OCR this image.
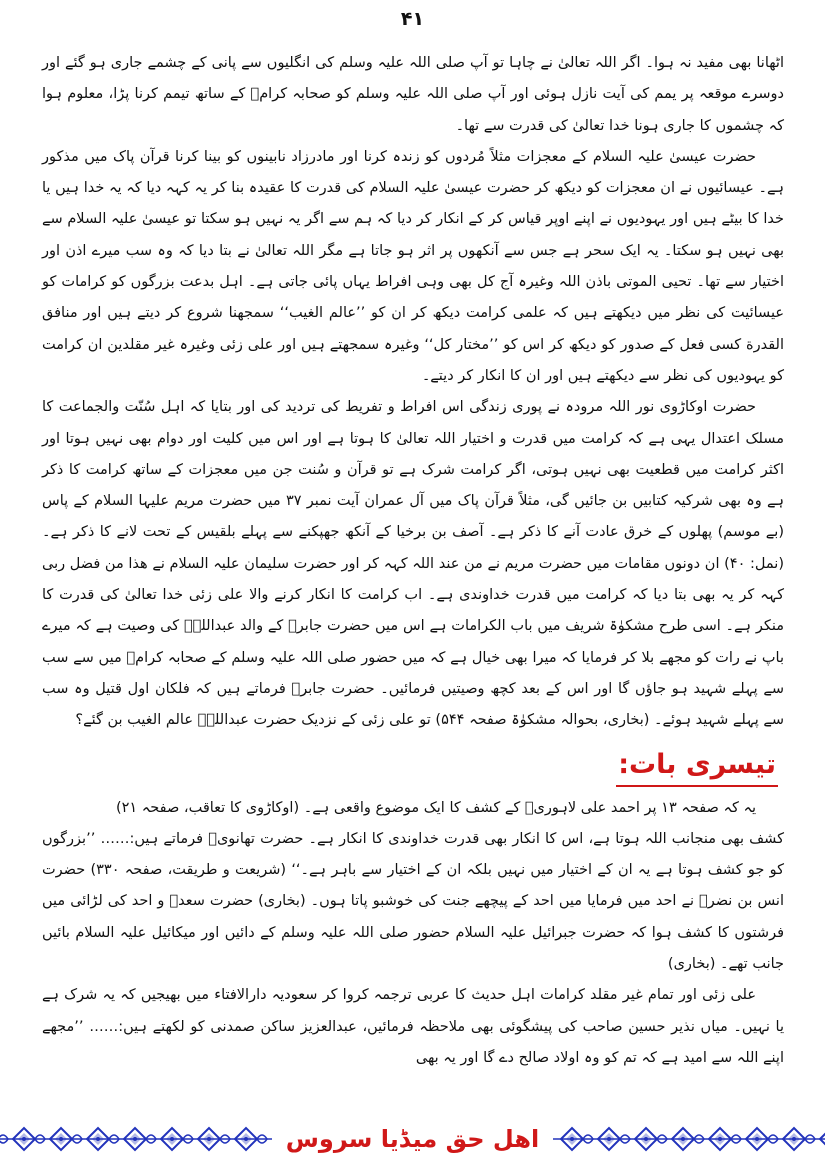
۴۱

اٹھانا بھی مفید نہ ہوا۔ اگر اللہ تعالیٰ نے چاہا تو آپ صلی اللہ علیہ وسلم کی انگلیوں سے پانی کے چشمے جاری ہو گئے اور دوسرے موقعہ پر یمم کی آیت نازل ہوئی اور آپ صلی اللہ علیہ وسلم کو صحابہ کرامؓ کے ساتھ تیمم کرنا پڑا، معلوم ہوا کہ چشموں کا جاری ہونا خدا تعالیٰ کی قدرت سے تھا۔

حضرت عیسیٰ علیہ السلام کے معجزات مثلاً مُردوں کو زندہ کرنا اور مادرزاد نابینوں کو بینا کرنا قرآن پاک میں مذکور ہے۔ عیسائیوں نے ان معجزات کو دیکھ کر حضرت عیسیٰ علیہ السلام کی قدرت کا عقیدہ بنا کر یہ کہہ دیا کہ یہ خدا ہیں یا خدا کا بیٹے ہیں اور یہودیوں نے اپنے اوپر قیاس کر کے انکار کر دیا کہ ہم سے اگر یہ نہیں ہو سکتا تو عیسیٰ علیہ السلام سے بھی نہیں ہو سکتا۔ یہ ایک سحر ہے جس سے آنکھوں پر اثر ہو جاتا ہے مگر اللہ تعالیٰ نے بتا دیا کہ وہ سب میرے اذن اور اختیار سے تھا۔ تحیی الموتی باذن اللہ وغیرہ آج کل بھی وہی افراط یہاں پائی جاتی ہے۔ اہل بدعت بزرگوں کو کرامات کو عیسائیت کی نظر میں دیکھتے ہیں کہ علمی کرامت دیکھ کر ان کو ’’عالم الغیب‘‘ سمجھنا شروع کر دیتے ہیں اور منافق القدرة کسی فعل کے صدور کو دیکھ کر اس کو ’’مختار کل‘‘ وغیرہ سمجھتے ہیں اور علی زئی وغیرہ غیر مقلدین ان کرامت کو یہودیوں کی نظر سے دیکھتے ہیں اور ان کا انکار کر دیتے۔

حضرت اوکاڑوی نور اللہ مرودہ نے پوری زندگی اس افراط و تفریط کی تردید کی اور بتایا کہ اہل سُنّت والجماعت کا مسلک اعتدال یہی ہے کہ کرامت میں قدرت و اختیار اللہ تعالیٰ کا ہوتا ہے اور اس میں کلیت اور دوام بھی نہیں ہوتا اور اکثر کرامت میں قطعیت بھی نہیں ہوتی، اگر کرامت شرک ہے تو قرآن و سُنت جن میں معجزات کے ساتھ کرامت کا ذکر ہے وہ بھی شرکیہ کتابیں بن جائیں گی، مثلاً قرآن پاک میں آل عمران آیت نمبر ۳۷ میں حضرت مریم علیہا السلام کے پاس (بے موسم) پھلوں کے خرق عادت آنے کا ذکر ہے۔ آصف بن برخیا کے آنکھ جھپکنے سے پہلے بلقیس کے تحت لانے کا ذکر ہے۔ (نمل: ۴۰) ان دونوں مقامات میں حضرت مریم نے من عند اللہ کہہ کر اور حضرت سلیمان علیہ السلام نے هذا من فضل ربی کہہ کر یہ بھی بتا دیا کہ کرامت میں قدرت خداوندی ہے۔ اب کرامت کا انکار کرنے والا علی زئی خدا تعالیٰ کی قدرت کا منکر ہے۔ اسی طرح مشکوٰۃ شریف میں باب الکرامات ہے اس میں حضرت جابرؓ کے والد عبداللہؓ کی وصیت ہے کہ میرے باپ نے رات کو مجھے بلا کر فرمایا کہ میرا بھی خیال ہے کہ میں حضور صلی اللہ علیہ وسلم کے صحابہ کرامؓ میں سے سب سے پہلے شہید ہو جاؤں گا اور اس کے بعد کچھ وصیتیں فرمائیں۔ حضرت جابرؓ فرماتے ہیں کہ فلکان اول قتیل وہ سب سے پہلے شہید ہوئے۔ (بخاری، بحوالہ مشکوٰۃ صفحہ ۵۴۴) تو علی زئی کے نزدیک حضرت عبداللہؓ عالم الغیب بن گئے؟

تیسری بات:

یہ کہ صفحہ ۱۳ پر احمد علی لاہوریؒ کے کشف کا ایک موضوع واقعی ہے۔ (اوکاڑوی کا تعاقب، صفحہ ۲۱)

کشف بھی منجانب اللہ ہوتا ہے، اس کا انکار بھی قدرت خداوندی کا انکار ہے۔ حضرت تھانویؒ فرماتے ہیں:…… ’’بزرگوں کو جو کشف ہوتا ہے یہ ان کے اختیار میں نہیں بلکہ ان کے اختیار سے باہر ہے۔‘‘ (شریعت و طریقت، صفحہ ۳۳۰) حضرت انس بن نضرؓ نے احد میں فرمایا میں احد کے پیچھے جنت کی خوشبو پاتا ہوں۔ (بخاری) حضرت سعدؓ و احد کی لڑائی میں فرشتوں کا کشف ہوا کہ حضرت جبرائیل علیہ السلام حضور صلی اللہ علیہ وسلم کے دائیں اور میکائیل علیہ السلام بائیں جانب تھے۔ (بخاری)

علی زئی اور تمام غیر مقلد کرامات اہل حدیث کا عربی ترجمہ کروا کر سعودیہ دارالافتاء میں بھیجیں کہ یہ شرک ہے یا نہیں۔ میاں نذیر حسین صاحب کی پیشگوئی بھی ملاحظہ فرمائیں، عبدالعزیز ساکن صمدنی کو لکھتے ہیں:…… ’’مجھے اپنے اللہ سے امید ہے کہ تم کو وہ اولاد صالح دے گا اور یہ بھی

اهل حق میڈیا سروس
